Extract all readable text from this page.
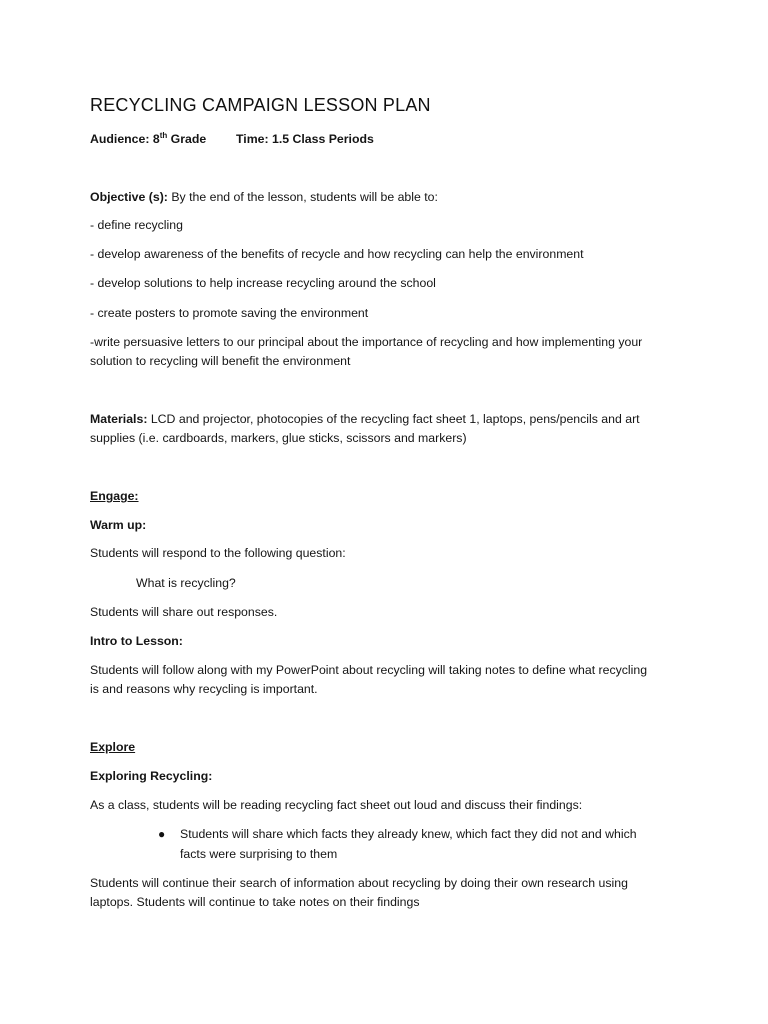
RECYCLING CAMPAIGN LESSON PLAN
Audience: 8th Grade Time: 1.5 Class Periods
Objective (s): By the end of the lesson, students will be able to:
- define recycling
- develop awareness of the benefits of recycle and how recycling can help the environment
- develop solutions to help increase recycling around the school
- create posters to promote saving the environment
-write persuasive letters to our principal about the importance of recycling and how implementing your
solution to recycling will benefit the environment
Materials: LCD and projector, photocopies of the recycling fact sheet 1, laptops, pens/pencils and art
supplies (i.e. cardboards, markers, glue sticks, scissors and markers)
Engage:
Warm up:
Students will respond to the following question:
What is recycling?
Students will share out responses.
Intro to Lesson:
Students will follow along with my PowerPoint about recycling will taking notes to define what recycling
is and reasons why recycling is important.
Explore
Exploring Recycling:
As a class, students will be reading recycling fact sheet out loud and discuss their findings:
● Students will share which facts they already knew, which fact they did not and which
facts were surprising to them
Students will continue their search of information about recycling by doing their own research using
laptops. Students will continue to take notes on their findings
